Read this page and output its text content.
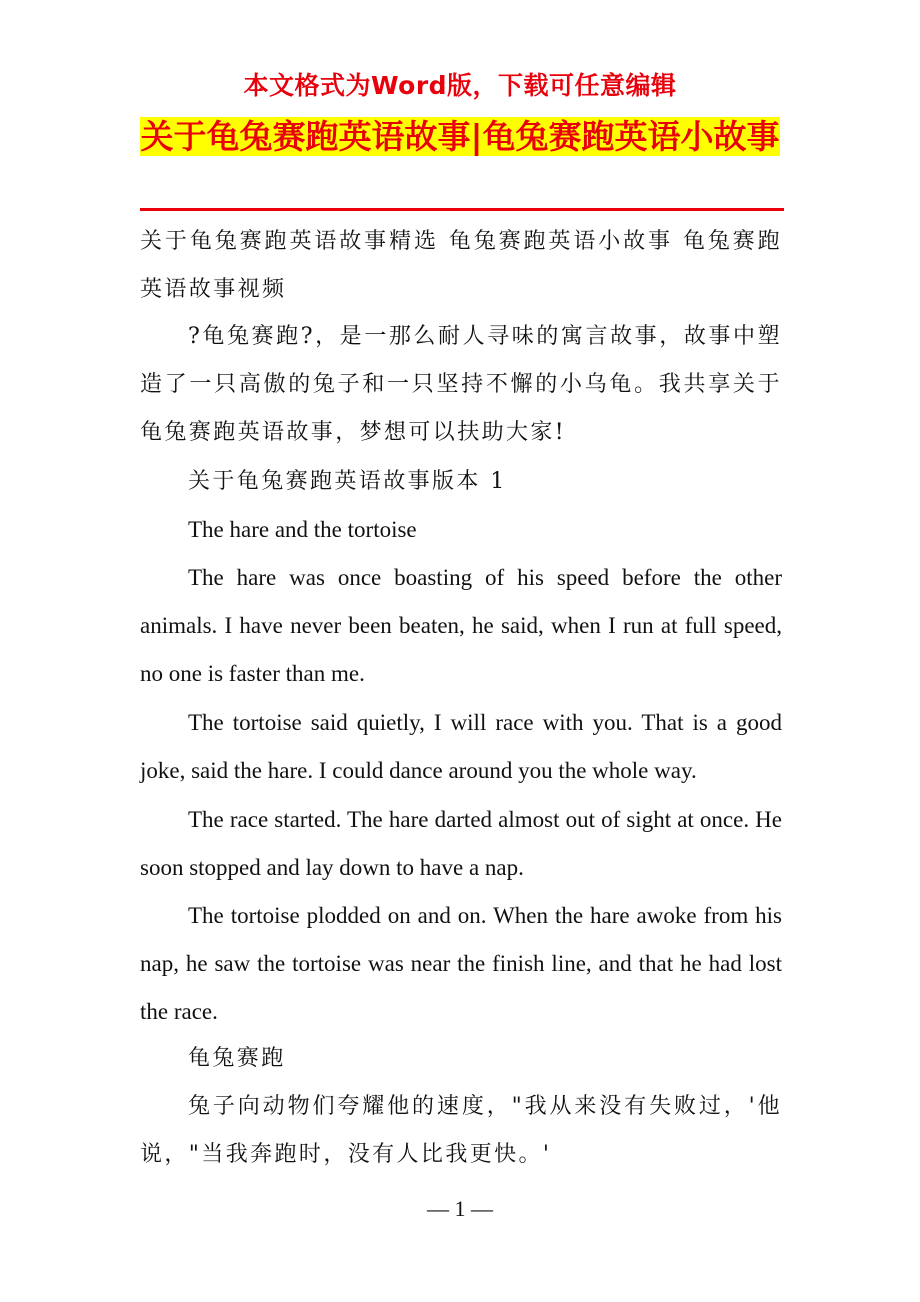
本文格式为Word版，下载可任意编辑
关于龟兔赛跑英语故事|龟兔赛跑英语小故事

关于龟兔赛跑英语故事精选 龟兔赛跑英语小故事 龟兔赛跑英语故事视频

?龟兔赛跑?，是一那么耐人寻味的寓言故事，故事中塑造了一只高傲的兔子和一只坚持不懈的小乌龟。我共享关于龟兔赛跑英语故事，梦想可以扶助大家!

关于龟兔赛跑英语故事版本 1

The hare and the tortoise

The hare was once boasting of his speed before the other animals. I have never been beaten, he said, when I run at full speed, no one is faster than me.

The tortoise said quietly, I will race with you. That is a good joke, said the hare. I could dance around you the whole way.

The race started. The hare darted almost out of sight at once. He soon stopped and lay down to have a nap.

The tortoise plodded on and on. When the hare awoke from his nap, he saw the tortoise was near the finish line, and that he had lost the race.

龟兔赛跑

兔子向动物们夸耀他的速度，"我从来没有失败过，'他说，"当我奔跑时，没有人比我更快。'

— 1 —
